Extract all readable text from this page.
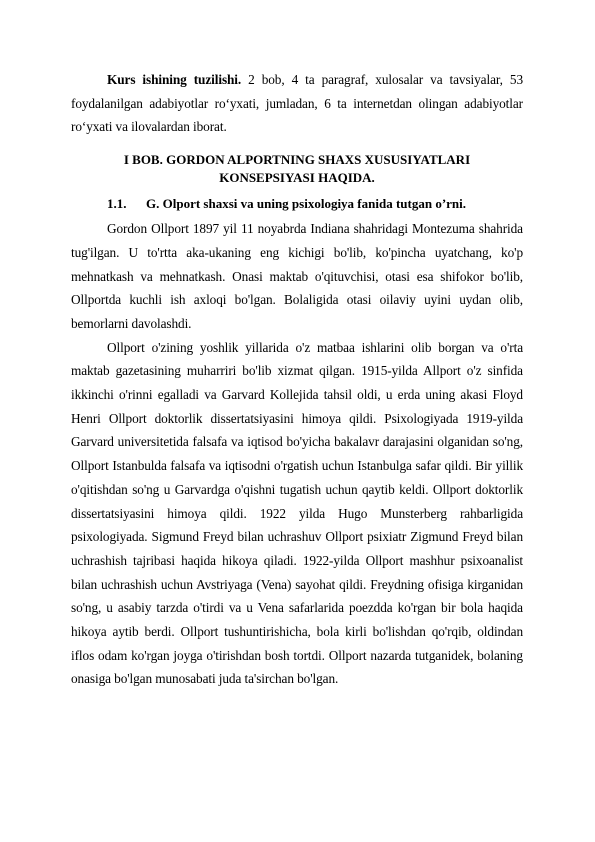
Kurs ishining tuzilishi. 2 bob, 4 ta paragraf, xulosalar va tavsiyalar, 53 foydalanilgan adabiyotlar ro‘yxati, jumladan, 6 ta internetdan olingan adabiyotlar ro‘yxati va ilovalardan iborat.

I BOB. GORDON ALPORTNING SHAXS XUSUSIYATLARI
KONSEPSIYASI HAQIDA.
1.1. G. Olport shaxsi va uning psixologiya fanida tutgan o’rni.

Gordon Ollport 1897 yil 11 noyabrda Indiana shahridagi Montezuma shahrida tug'ilgan. U to'rtta aka-ukaning eng kichigi bo'lib, ko'pincha uyatchang, ko'p mehnatkash va mehnatkash. Onasi maktab o'qituvchisi, otasi esa shifokor bo'lib, Ollportda kuchli ish axloqi bo'lgan. Bolaligida otasi oilaviy uyini uydan olib, bemorlarni davolashdi.

Ollport o'zining yoshlik yillarida o'z matbaa ishlarini olib borgan va o'rta maktab gazetasining muharriri bo'lib xizmat qilgan. 1915-yilda Allport o'z sinfida ikkinchi o'rinni egalladi va Garvard Kollejida tahsil oldi, u erda uning akasi Floyd Henri Ollport doktorlik dissertatsiyasini himoya qildi. Psixologiyada 1919-yilda Garvard universitetida falsafa va iqtisod bo'yicha bakalavr darajasini olganidan so'ng, Ollport Istanbulda falsafa va iqtisodni o'rgatish uchun Istanbulga safar qildi. Bir yillik o'qitishdan so'ng u Garvardga o'qishni tugatish uchun qaytib keldi. Ollport doktorlik dissertatsiyasini himoya qildi. 1922 yilda Hugo Munsterberg rahbarligida psixologiyada. Sigmund Freyd bilan uchrashuv Ollport psixiatr Zigmund Freyd bilan uchrashish tajribasi haqida hikoya qiladi. 1922-yilda Ollport mashhur psixoanalist bilan uchrashish uchun Avstriyaga (Vena) sayohat qildi. Freydning ofisiga kirganidan so'ng, u asabiy tarzda o'tirdi va u Vena safarlarida poezdda ko'rgan bir bola haqida hikoya aytib berdi. Ollport tushuntirishicha, bola kirli bo'lishdan qo'rqib, oldindan iflos odam ko'rgan joyga o'tirishdan bosh tortdi. Ollport nazarda tutganidek, bolaning onasiga bo'lgan munosabati juda ta'sirchan bo'lgan.
